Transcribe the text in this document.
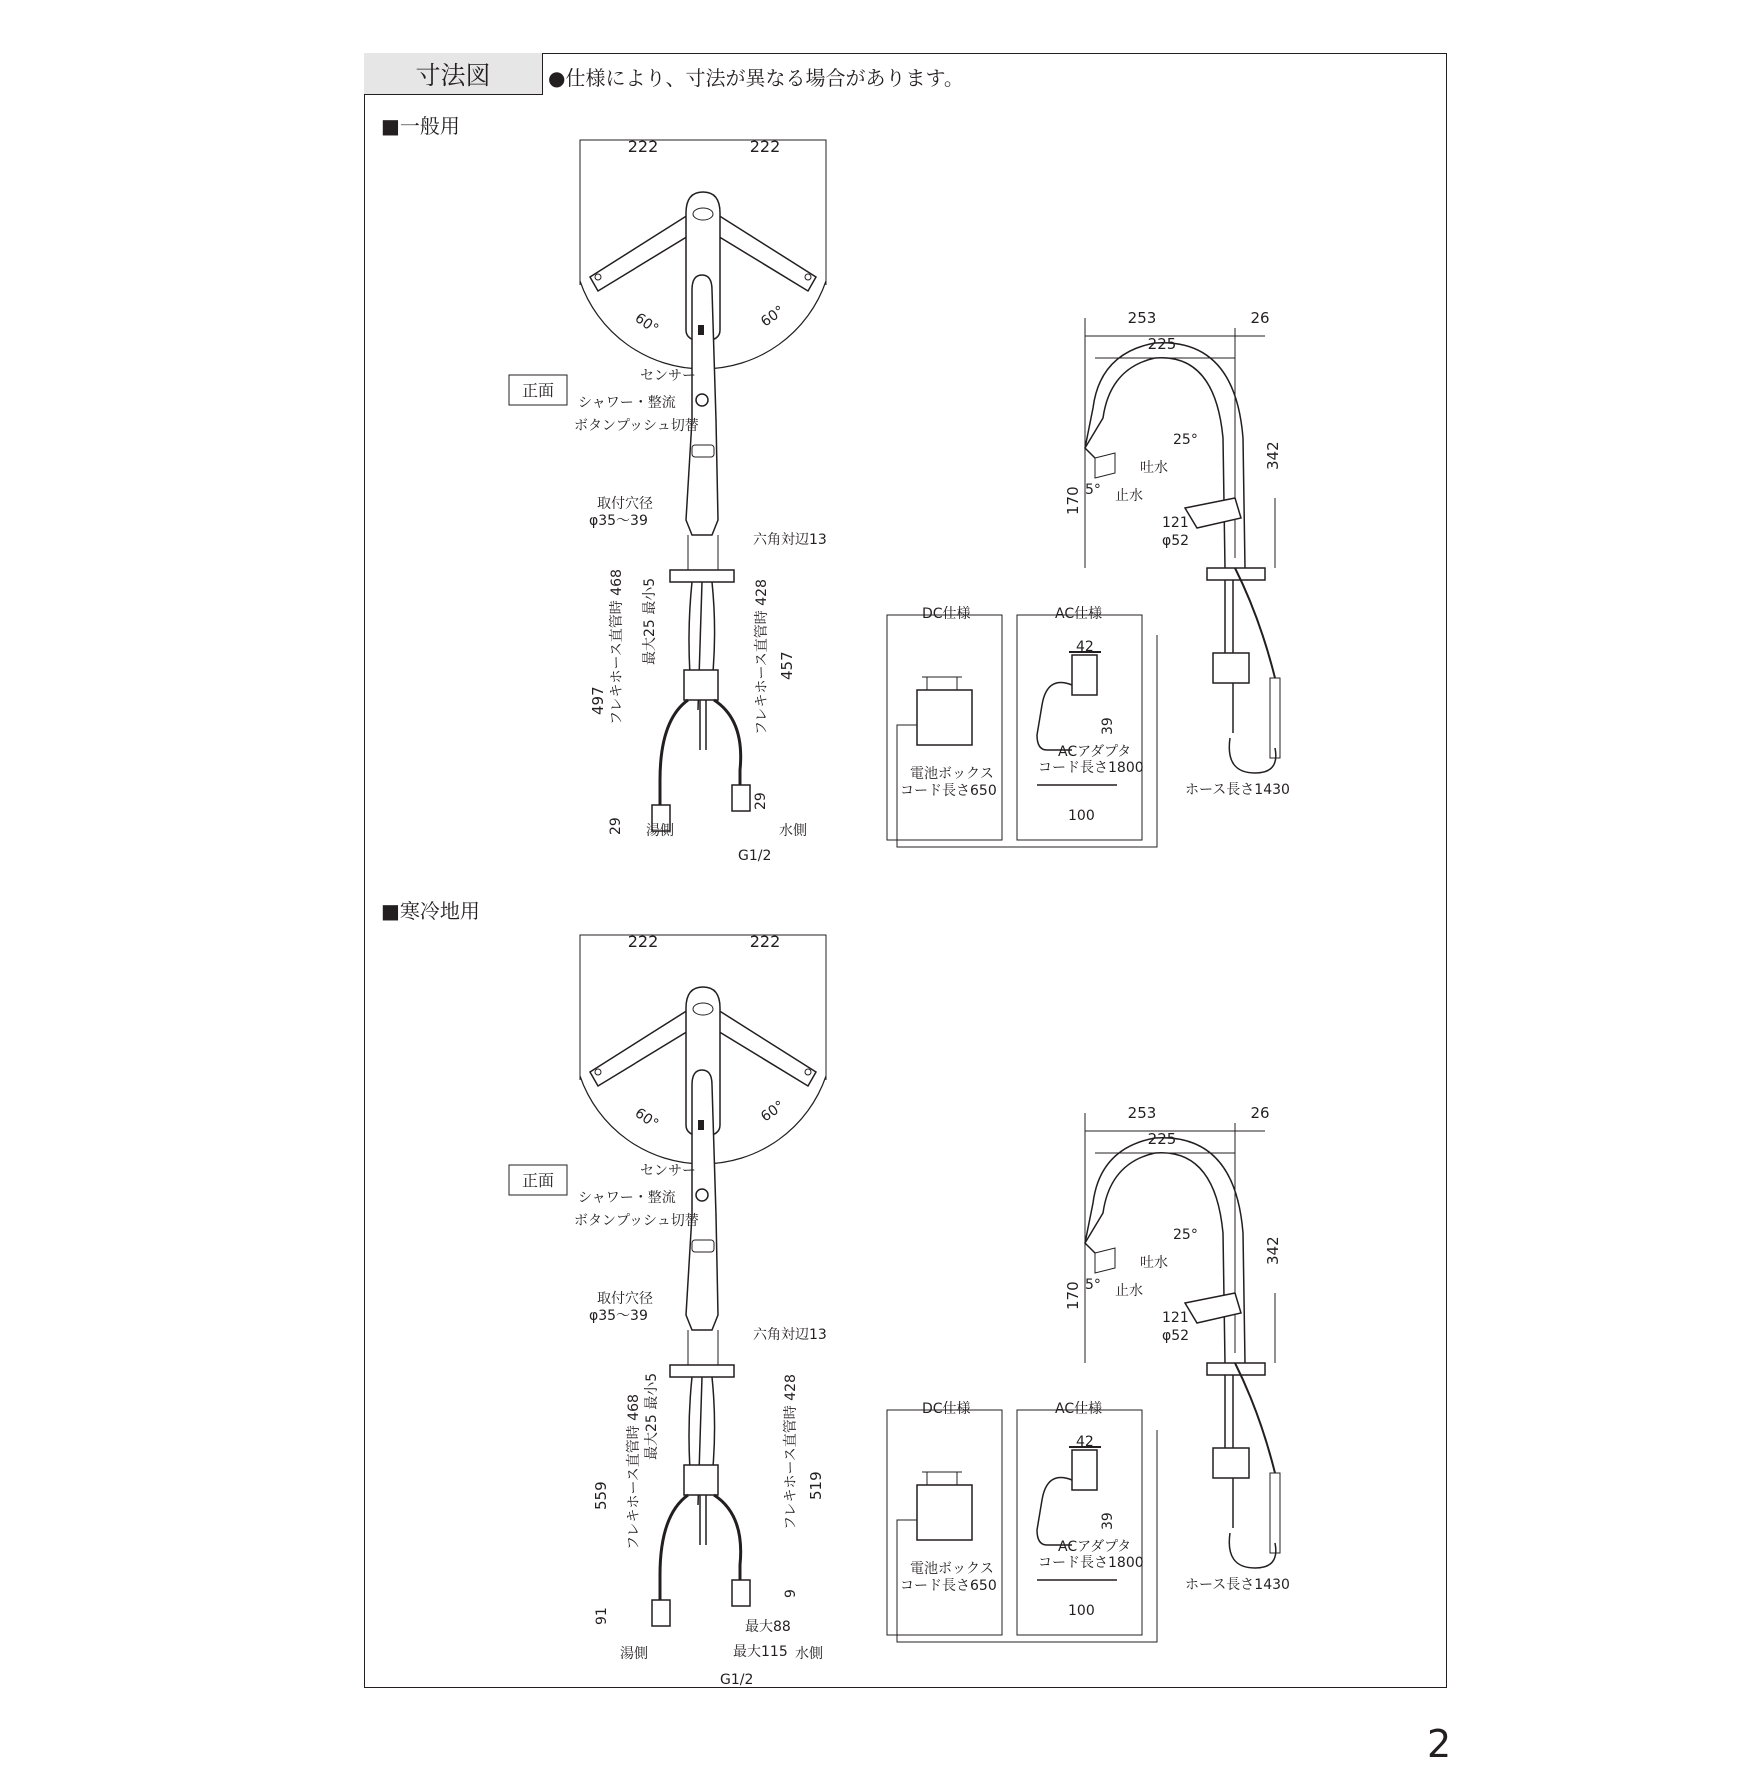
寸法図	●仕様により、寸法が異なる場合があります。
■一般用
■寒冷地用
2
正面
222	222
60°	60°
センサー
シャワー・整流
ボタンプッシュ切替
取付穴径
φ35～39
六角対辺13
497 フレキホース直管時 468 最大25 最小5	フレキホース直管時 428 457
29
29
湯側	水側
G1/2
253	26
225
25°
5°
342
170
吐水
止水
121
φ52
DC仕様	AC仕様
42
39
ACアダプタ
コード長さ1800
電池ボックス
コード長さ650
100
ホース長さ1430
正面
222	222
60°	60°
センサー
シャワー・整流
ボタンプッシュ切替
取付穴径
φ35～39
六角対辺13
559 フレキホース直管時 468 最大25 最小5	フレキホース直管時 428 519
91
9
最大88
最大115
湯側	水側
G1/2
253	26
225
25°
5°
342
170
吐水
止水
121
φ52
DC仕様	AC仕様
42
39
ACアダプタ
コード長さ1800
電池ボックス
コード長さ650
100
ホース長さ1430
